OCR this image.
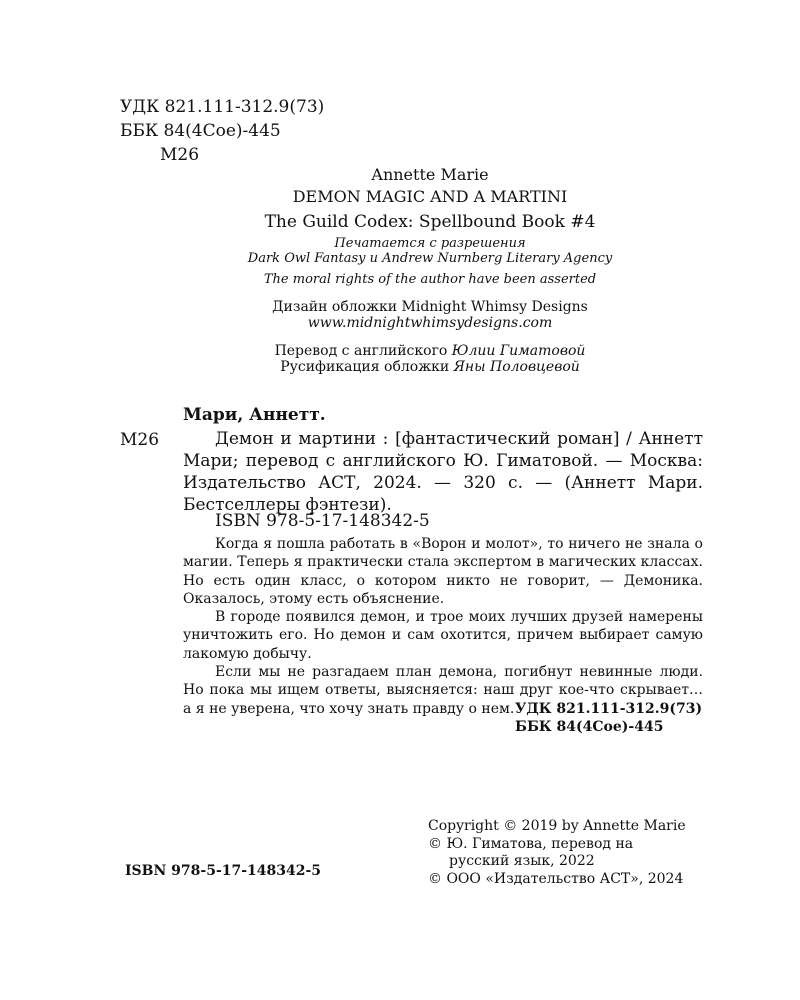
УДК 821.111-312.9(73)
ББК 84(4Сое)-445
М26
Annette Marie
DEMON MAGIC AND A MARTINI
The Guild Codex: Spellbound Book #4
Печатается с разрешения
Dark Owl Fantasy и Andrew Nurnberg Literary Agency
The moral rights of the author have been asserted
Дизайн обложки Midnight Whimsy Designs
www.midnightwhimsydesigns.com
Перевод с английского Юлии Гиматовой
Русификация обложки Яны Половцевой
Мари, Аннетт.
М26	Демон и мартини : [фантастический роман] / Аннетт Мари; перевод с английского Ю. Гиматовой. — Москва: Издательство АСТ, 2024. — 320 с. — (Аннетт Мари. Бестселлеры фэнтези).
ISBN 978-5-17-148342-5

Когда я пошла работать в «Ворон и молот», то ничего не знала о магии. Теперь я практически стала экспертом в магических классах. Но есть один класс, о котором никто не говорит, — Демоника. Оказалось, этому есть объяснение.

В городе появился демон, и трое моих лучших друзей намерены уничтожить его. Но демон и сам охотится, причем выбирает самую лакомую добычу.

Если мы не разгадаем план демона, погибнут невинные люди. Но пока мы ищем ответы, выясняется: наш друг кое-что скрывает… а я не уверена, что хочу знать правду о нем. УДК 821.111-312.9(73)
ББК 84(4Сое)-445
ISBN 978-5-17-148342-5
Copyright © 2019 by Annette Marie
© Ю. Гиматова, перевод на
русский язык, 2022
© ООО «Издательство АСТ», 2024
